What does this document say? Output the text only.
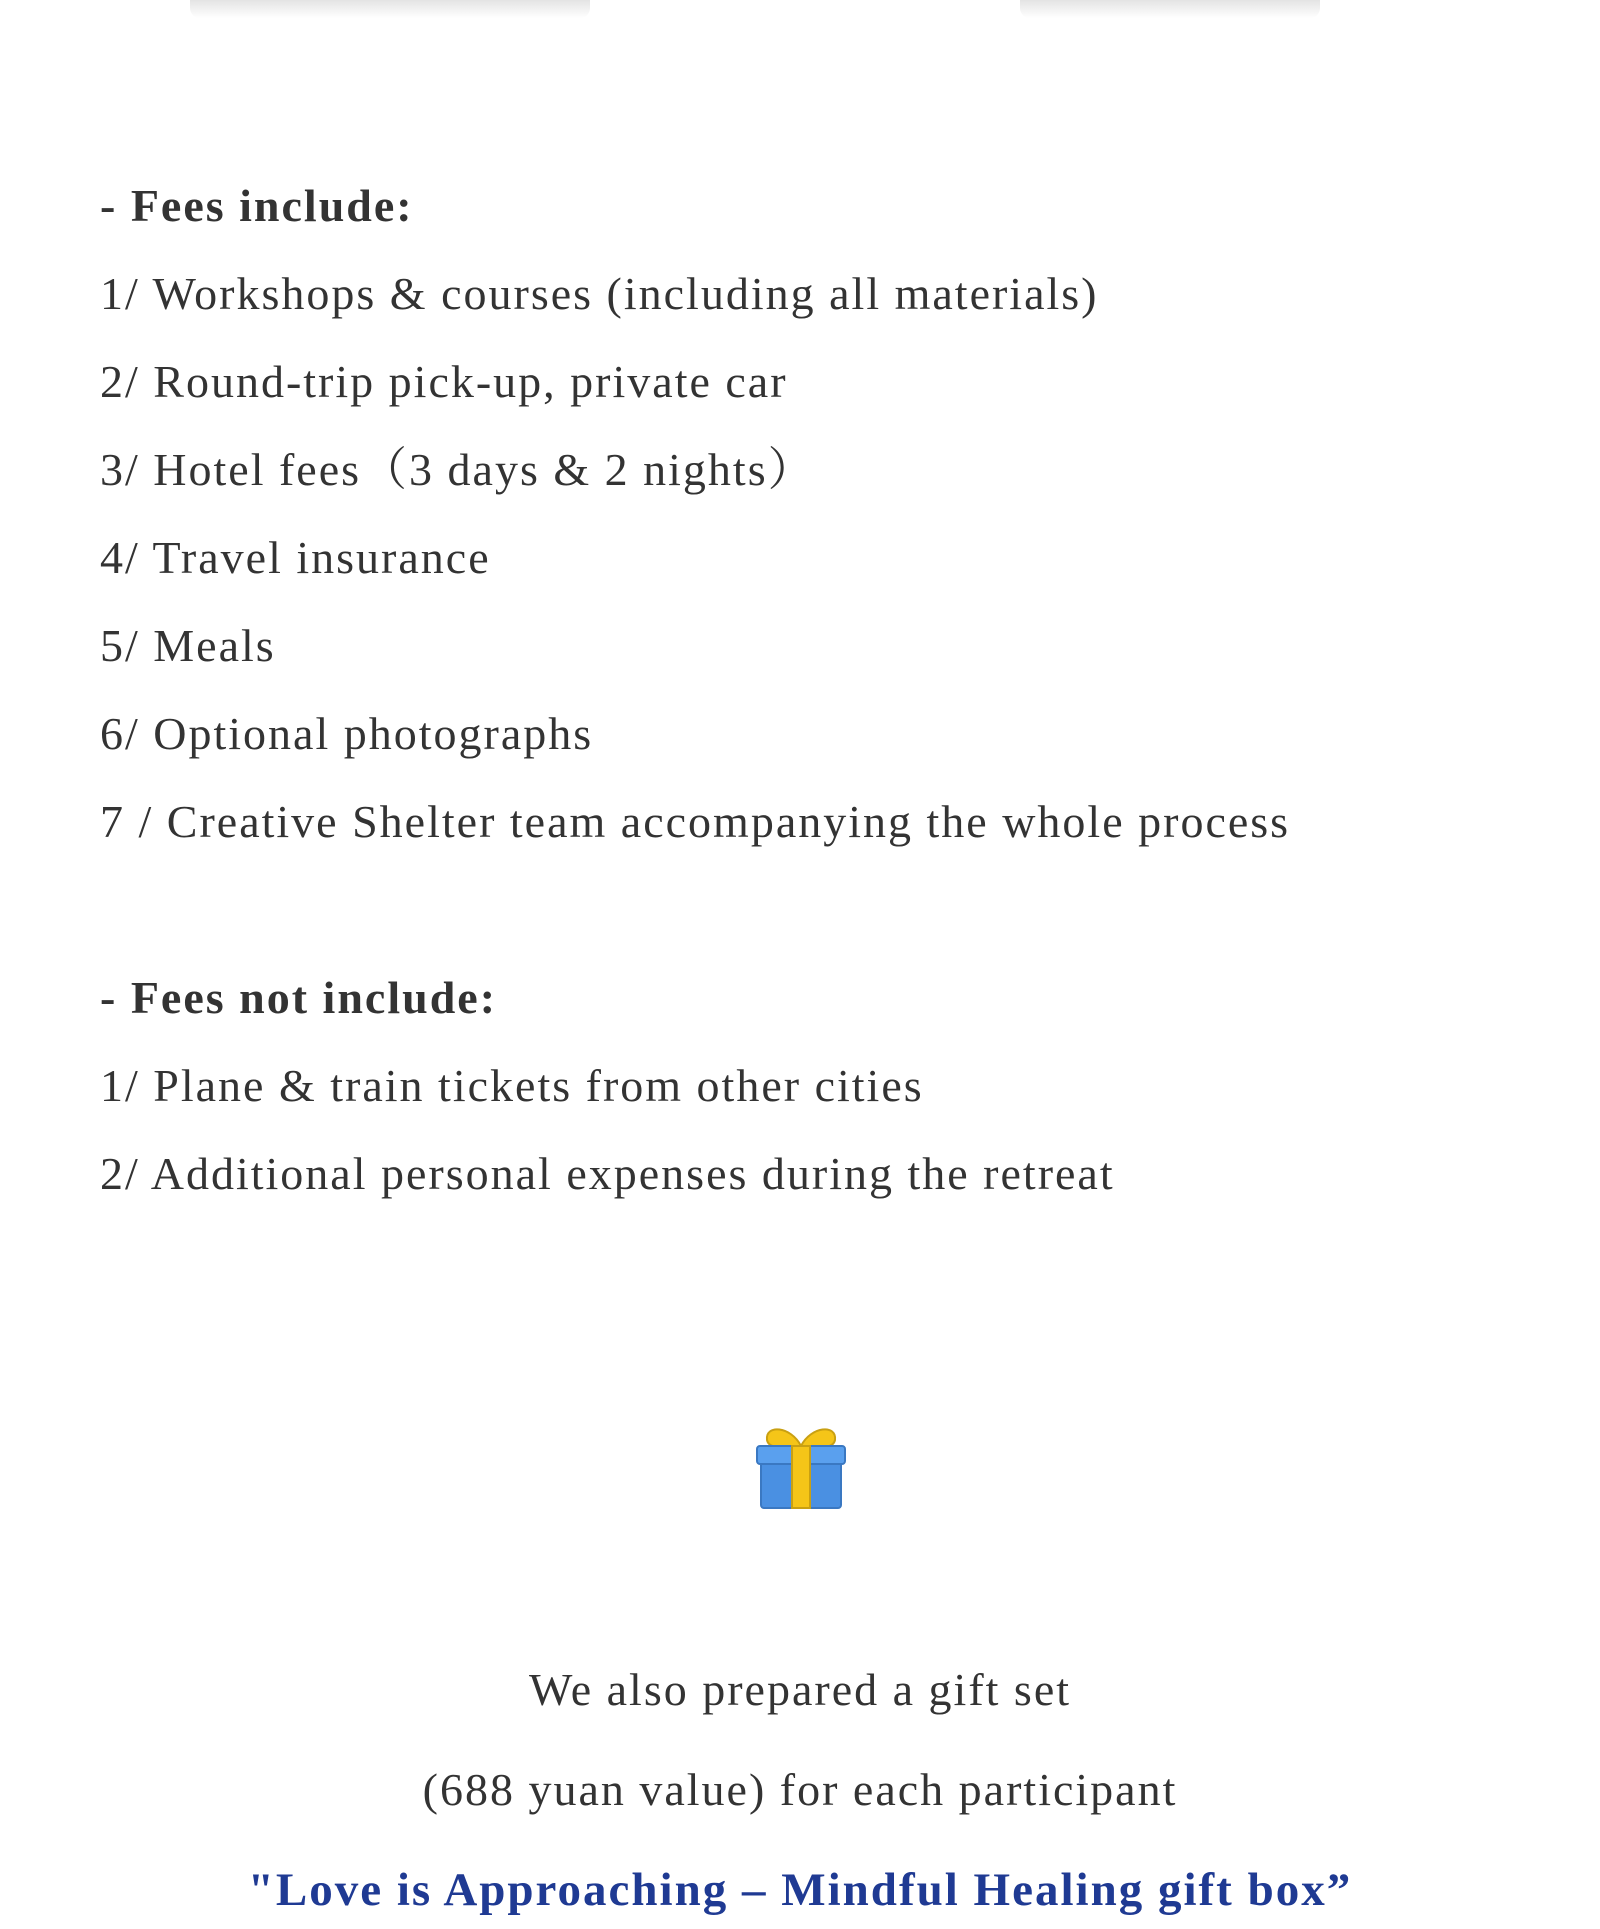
- Fees include:
1/ Workshops & courses (including all materials)
2/ Round-trip pick-up, private car
3/ Hotel fees（3 days & 2 nights）
4/ Travel insurance
5/ Meals
6/ Optional photographs
7 / Creative Shelter team accompanying the whole process
- Fees not include:
1/ Plane & train tickets from other cities
2/ Additional personal expenses during the retreat
We also prepared a gift set
(688 yuan value) for each participant
"Love is Approaching – Mindful Healing gift box”
